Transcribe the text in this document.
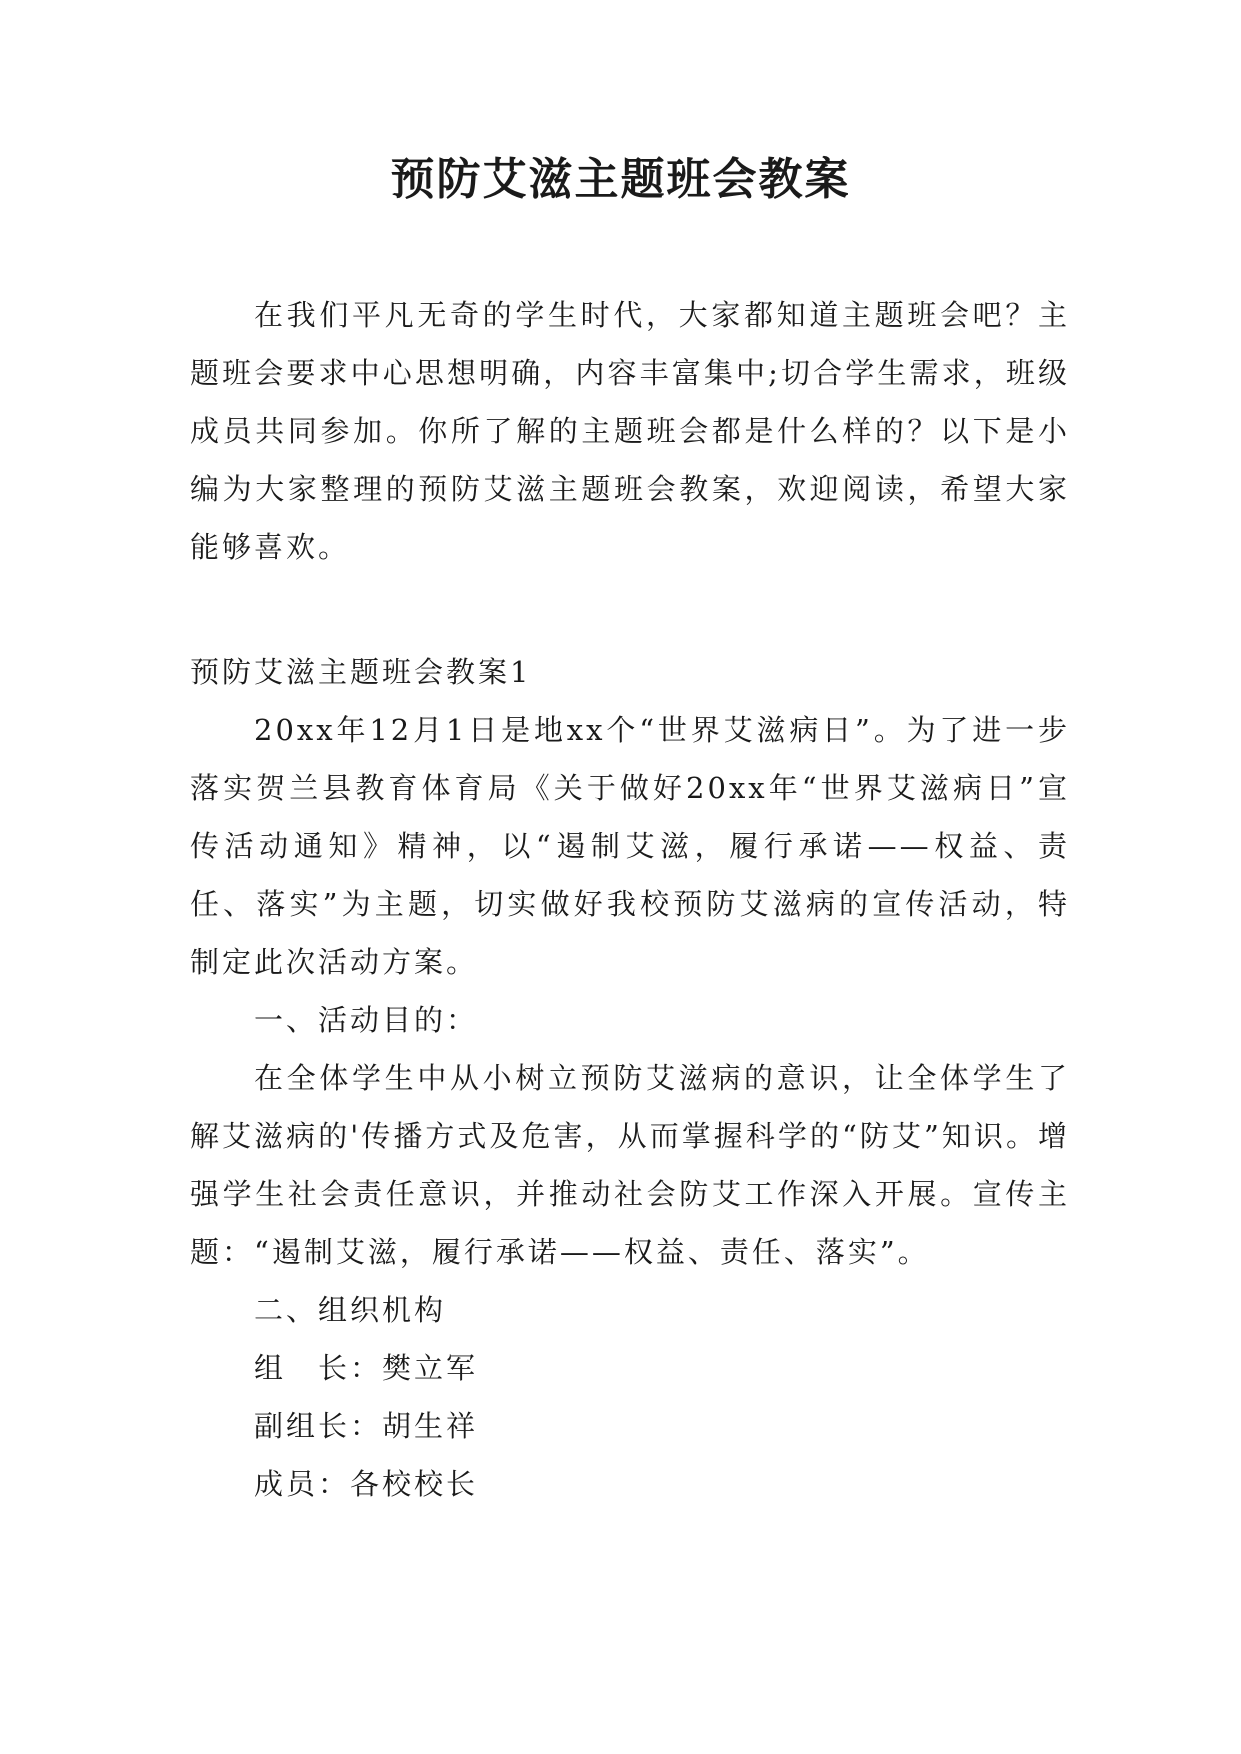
预防艾滋主题班会教案

在我们平凡无奇的学生时代，大家都知道主题班会吧？主题班会要求中心思想明确，内容丰富集中;切合学生需求，班级成员共同参加。你所了解的主题班会都是什么样的？以下是小编为大家整理的预防艾滋主题班会教案，欢迎阅读，希望大家能够喜欢。

预防艾滋主题班会教案1

20xx年12月1日是地xx个“世界艾滋病日”。为了进一步落实贺兰县教育体育局《关于做好20xx年“世界艾滋病日”宣传活动通知》精神，以“遏制艾滋，履行承诺——权益、责任、落实”为主题，切实做好我校预防艾滋病的宣传活动，特制定此次活动方案。

一、活动目的：

在全体学生中从小树立预防艾滋病的意识，让全体学生了解艾滋病的'传播方式及危害，从而掌握科学的“防艾”知识。增强学生社会责任意识，并推动社会防艾工作深入开展。宣传主题：“遏制艾滋，履行承诺——权益、责任、落实”。

二、组织机构

组　长：樊立军

副组长：胡生祥

成员：各校校长
